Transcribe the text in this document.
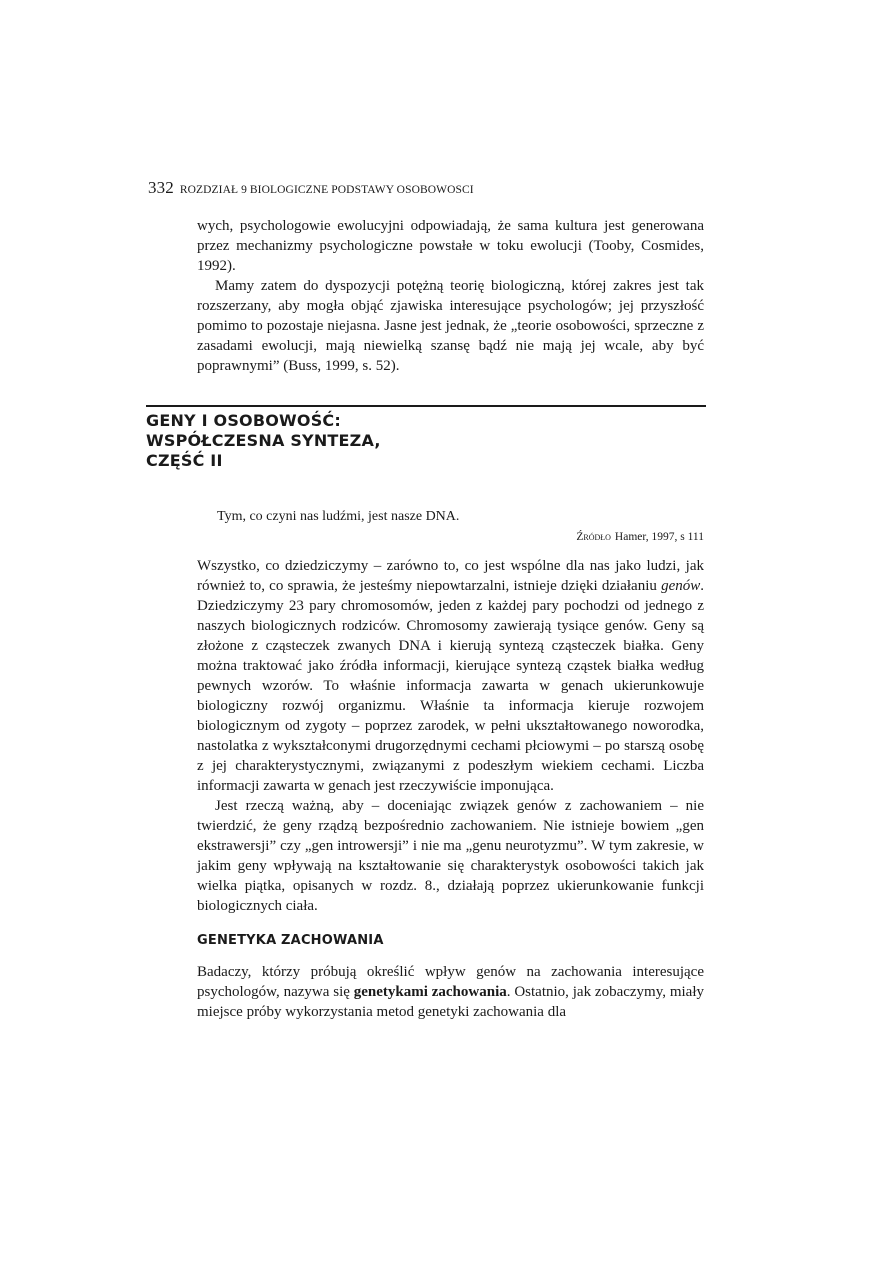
332 ROZDZIAŁ 9 BIOLOGICZNE PODSTAWY OSOBOWOSCI

wych, psychologowie ewolucyjni odpowiadają, że sama kultura jest generowana przez mechanizmy psychologiczne powstałe w toku ewolucji (Tooby, Cosmides, 1992).

Mamy zatem do dyspozycji potężną teorię biologiczną, której zakres jest tak rozszerzany, aby mogła objąć zjawiska interesujące psychologów; jej przyszłość pomimo to pozostaje niejasna. Jasne jest jednak, że „teorie osobowości, sprzeczne z zasadami ewolucji, mają niewielką szansę bądź nie mają jej wcale, aby być poprawnymi” (Buss, 1999, s. 52).

GENY I OSOBOWOŚĆ:
WSPÓŁCZESNA SYNTEZA,
CZĘŚĆ II
Tym, co czyni nas ludźmi, jest nasze DNA.
Źródło Hamer, 1997, s 111

Wszystko, co dziedziczymy – zarówno to, co jest wspólne dla nas jako ludzi, jak również to, co sprawia, że jesteśmy niepowtarzalni, istnieje dzięki działaniu genów. Dziedziczymy 23 pary chromosomów, jeden z każdej pary pochodzi od jednego z naszych biologicznych rodziców. Chromosomy zawierają tysiące genów. Geny są złożone z cząsteczek zwanych DNA i kierują syntezą cząsteczek białka. Geny można traktować jako źródła informacji, kierujące syntezą cząstek białka według pewnych wzorów. To właśnie informacja zawarta w genach ukierunkowuje biologiczny rozwój organizmu. Właśnie ta informacja kieruje rozwojem biologicznym od zygoty – poprzez zarodek, w pełni ukształtowanego noworodka, nastolatka z wykształconymi drugorzędnymi cechami płciowymi – po starszą osobę z jej charakterystycznymi, związanymi z podeszłym wiekiem cechami. Liczba informacji zawarta w genach jest rzeczywiście imponująca.

Jest rzeczą ważną, aby – doceniając związek genów z zachowaniem – nie twierdzić, że geny rządzą bezpośrednio zachowaniem. Nie istnieje bowiem „gen ekstrawersji” czy „gen introwersji” i nie ma „genu neurotyzmu”. W tym zakresie, w jakim geny wpływają na kształtowanie się charakterystyk osobowości takich jak wielka piątka, opisanych w rozdz. 8., działają poprzez ukierunkowanie funkcji biologicznych ciała.

GENETYKA ZACHOWANIA

Badaczy, którzy próbują określić wpływ genów na zachowania interesujące psychologów, nazywa się genetykami zachowania. Ostatnio, jak zobaczymy, miały miejsce próby wykorzystania metod genetyki zachowania dla
